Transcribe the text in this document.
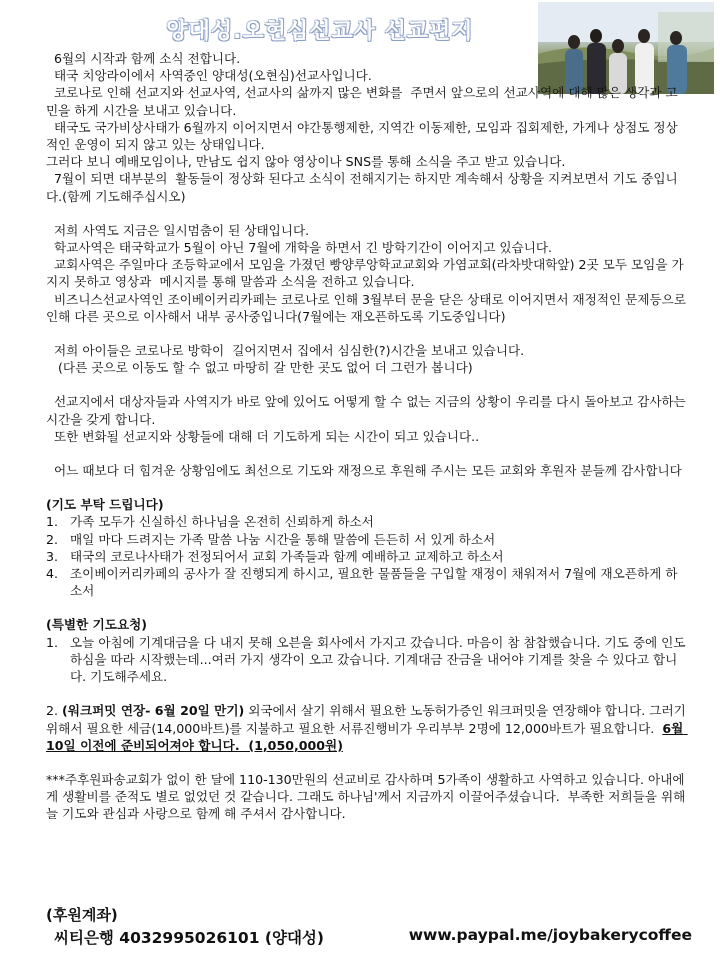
양대성.오현심선교사 선교편지

6월의 시작과 함께 소식 전합니다.

태국 치앙라이에서 사역중인 양대성(오현심)선교사입니다.

코로나로 인해 선교지와 선교사역, 선교사의 삶까지 많은 변화를  주면서 앞으로의 선교사역에 대해 많은 생각과 고민을 하게 시간을 보내고 있습니다.

태국도 국가비상사태가 6월까지 이어지면서 야간통행제한, 지역간 이동제한, 모임과 집회제한, 가게나 상점도 정상적인 운영이 되지 않고 있는 상태입니다.

그러다 보니 예배모임이나, 만남도 쉽지 않아 영상이나 SNS를 통해 소식을 주고 받고 있습니다.

7월이 되면 대부분의  활동들이 정상화 된다고 소식이 전해지기는 하지만 계속해서 상황을 지켜보면서 기도 중입니다.(함께 기도해주십시오)

저희 사역도 지금은 일시멈춤이 된 상태입니다.

학교사역은 태국학교가 5월이 아닌 7월에 개학을 하면서 긴 방학기간이 이어지고 있습니다.

교회사역은 주일마다 조등학교에서 모임을 가졌던 빵양루앙학교교회와 가염교회(라차밧대학앞) 2곳 모두 모임을 가지지 못하고 영상과  메시지를 통해 말씀과 소식을 전하고 있습니다.

비즈니스선교사역인 조이베이커리카페는 코로나로 인해 3월부터 문을 닫은 상태로 이어지면서 재정적인 문제등으로 인해 다른 곳으로 이사해서 내부 공사중입니다(7월에는 재오픈하도록 기도중입니다)

저희 아이들은 코로나로 방학이  길어지면서 집에서 심심한(?)시간을 보내고 있습니다.

(다른 곳으로 이동도 할 수 없고 마땅히 갈 만한 곳도 없어 더 그런가 봅니다)

선교지에서 대상자들과 사역지가 바로 앞에 있어도 어떻게 할 수 없는 지금의 상황이 우리를 다시 돌아보고 감사하는 시간을 갖게 합니다.

또한 변화될 선교지와 상황들에 대해 더 기도하게 되는 시간이 되고 있습니다..

어느 때보다 더 힘겨운 상황임에도 최선으로 기도와 재정으로 후원해 주시는 모든 교회와 후원자 분들께 감사합니다

(기도 부탁 드립니다)

1. 가족 모두가 신실하신 하나님을 온전히 신뢰하게 하소서
2. 매일 마다 드려지는 가족 말씀 나눔 시간을 통해 말씀에 든든히 서 있게 하소서
3. 태국의 코로나사태가 전정되어서 교회 가족들과 함께 예배하고 교제하고 하소서
4. 조이베이커리카페의 공사가 잘 진행되게 하시고, 필요한 물품들을 구입할 재정이 채워져서 7월에 재오픈하게 하소서

(특별한 기도요청)

1. 오늘 아침에 기계대금을 다 내지 못해 오븐을 회사에서 가지고 갔습니다. 마음이 참 참찹했습니다. 기도 중에 인도하심을 따라 시작했는데...여러 가지 생각이 오고 갔습니다. 기계대금 잔금을 내어야 기계를 찾을 수 있다고 합니다. 기도해주세요.

2. (워크퍼밋 연장- 6월 20일 만기) 외국에서 살기 위해서 필요한 노동허가증인 워크퍼밋을 연장해야 합니다. 그러기 위해서 필요한 세금(14,000바트)를 지불하고 필요한 서류진행비가 우리부부 2명에 12,000바트가 필요합니다.  6월 10일 이전에 준비되어져야 합니다.  (1,050,000원)

***주후원파송교회가 없이 한 달에 110-130만원의 선교비로 감사하며 5가족이 생활하고 사역하고 있습니다. 아내에게 생활비를 준적도 별로 없었던 것 같습니다. 그래도 하나님'께서 지금까지 이끌어주셨습니다.  부족한 저희들을 위해 늘 기도와 관심과 사랑으로 함께 해 주셔서 감사합니다.

(후원계좌)
씨티은행 4032995026101 (양대성)	www.paypal.me/joybakerycoffee
